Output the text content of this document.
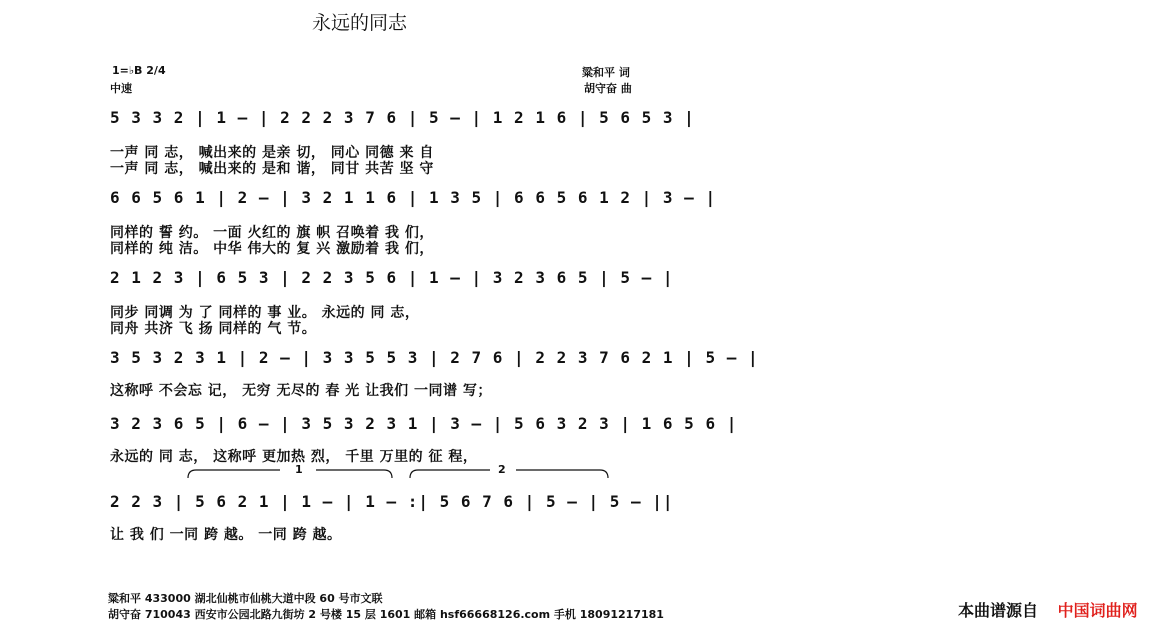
永远的同志
1=♭B 2/4
中速
粱和平 词
胡守奋 曲
5 3 3 2 | 1 — | 2 2 2 3 7 6 | 5 — | 1 2 1 6 | 5 6 5 3 |
一声 同 志， 喊出来的 是亲 切， 同心 同德 来 自
一声 同 志， 喊出来的 是和 谐， 同甘 共苦 坚 守
6 6 5 6 1 | 2 — | 3 2 1 1 6 | 1 3 5 | 6 6 5 6 1 2 | 3 — |
同样的 誓 约。 一面 火红的 旗 帜 召唤着 我 们，
同样的 纯 洁。 中华 伟大的 复 兴 激励着 我 们，
2 1 2 3 | 6 5 3 | 2 2 3 5 6 | 1 — | 3 2 3 6 5 | 5 — |
同步 同调 为 了 同样的 事 业。 永远的 同 志，
同舟 共济 飞 扬 同样的 气 节。
3 5 3 2 3 1 | 2 — | 3 3 5 5 3 | 2 7 6 | 2 2 3 7 6 2 1 | 5 — |
这称呼 不会忘 记， 无穷 无尽的 春 光 让我们 一同谱 写；
3 2 3 6 5 | 6 — | 3 5 3 2 3 1 | 3 — | 5 6 3 2 3 | 1 6 5 6 |
永远的 同 志， 这称呼 更加热 烈， 千里 万里的 征 程，
1	2
2 2 3 | 5 6 2 1 | 1 — | 1 — :| 5 6 7 6 | 5 — | 5 — ||
让 我 们 一同 跨 越。 一同 跨 越。
粱和平 433000 湖北仙桃市仙桃大道中段 60 号市文联
胡守奋 710043 西安市公园北路九街坊 2 号楼 15 层 1601 邮箱 hsf66668126.com 手机 18091217181	本曲谱源自 中国词曲网
